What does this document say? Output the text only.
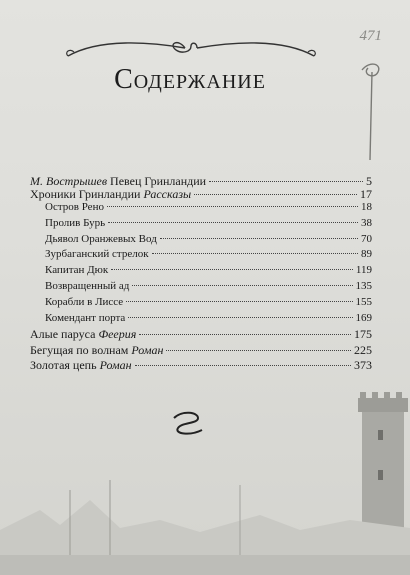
471
Содержание
М. Вострышев Певец Гринландии	5
Хроники Гринландии Рассказы	17
Остров Рено	18
Пролив Бурь	38
Дьявол Оранжевых Вод	70
Зурбаганский стрелок	89
Капитан Дюк	119
Возвращенный ад	135
Корабли в Лиссе	155
Комендант порта	169
Алые паруса Феерия	175
Бегущая по волнам Роман	225
Золотая цепь Роман	373
